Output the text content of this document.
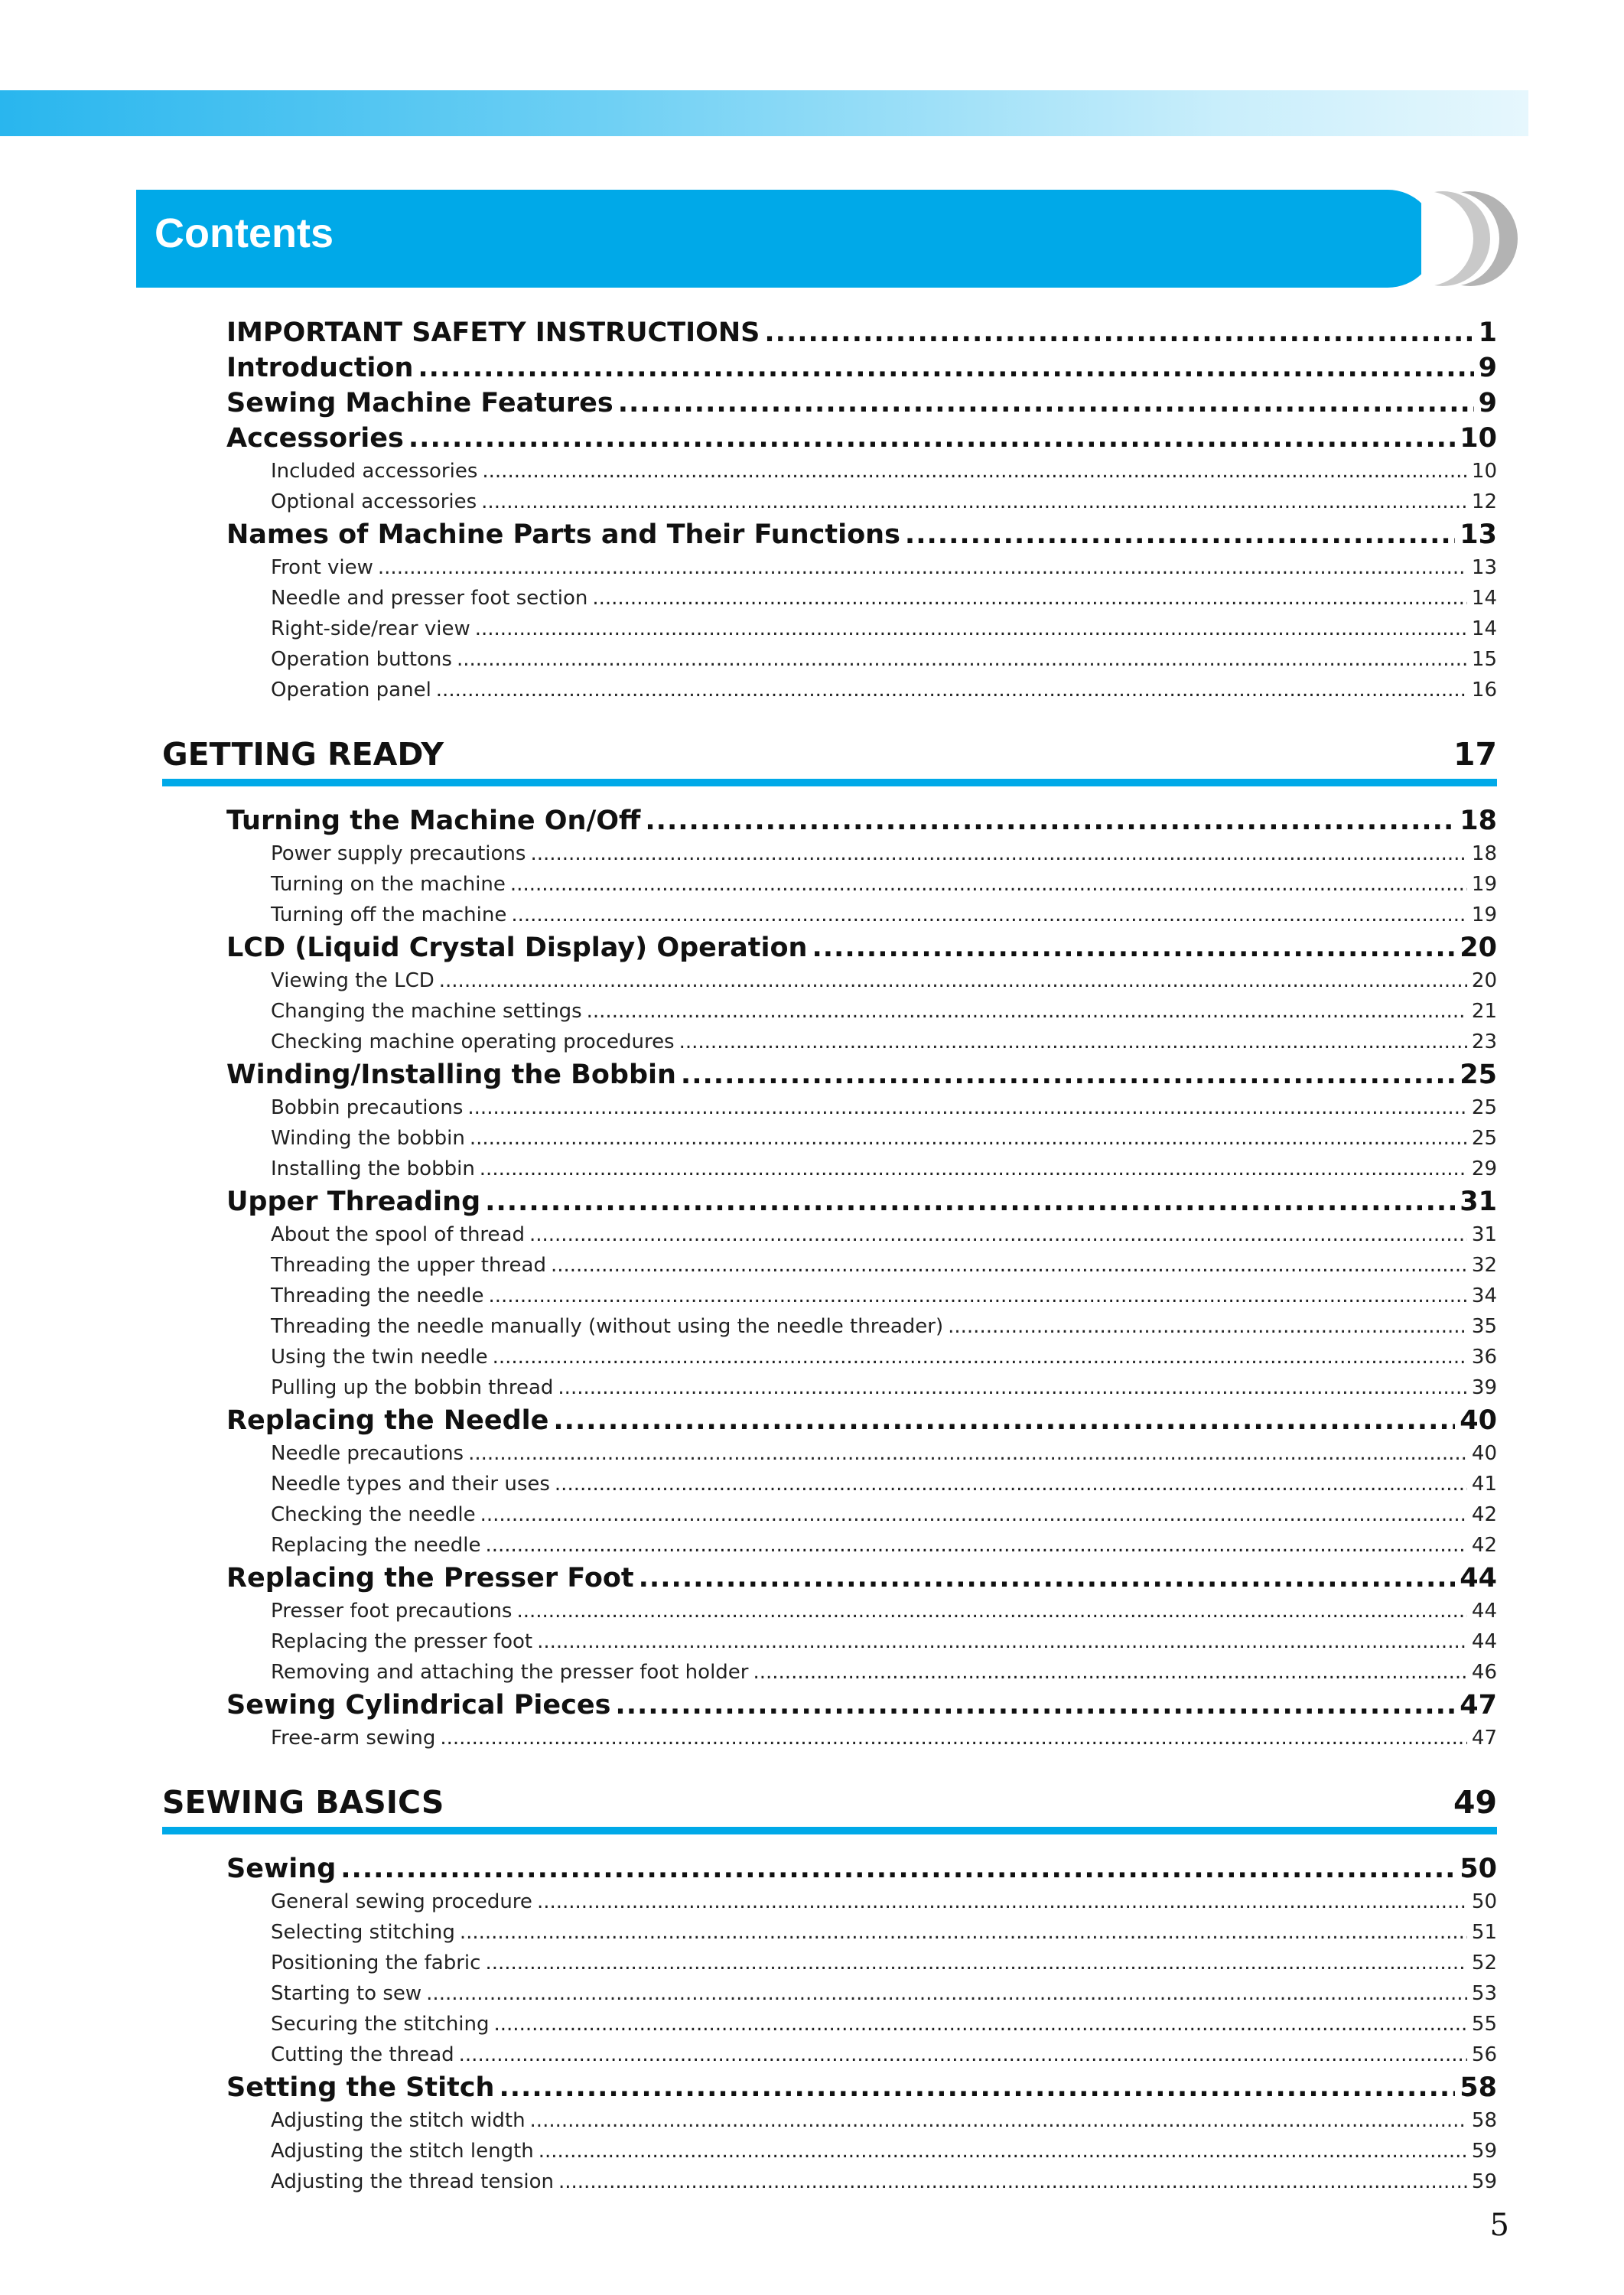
Contents
IMPORTANT SAFETY INSTRUCTIONS .....	1
Introduction .....	9
Sewing Machine Features .....	9
Accessories .....	10
Included accessories .....	10
Optional accessories .....	12
Names of Machine Parts and Their Functions .....	13
Front view .....	13
Needle and presser foot section .....	14
Right-side/rear view .....	14
Operation buttons .....	15
Operation panel .....	16
GETTING READY	17
Turning the Machine On/Off .....	18
Power supply precautions .....	18
Turning on the machine .....	19
Turning off the machine .....	19
LCD (Liquid Crystal Display) Operation .....	20
Viewing the LCD .....	20
Changing the machine settings .....	21
Checking machine operating procedures .....	23
Winding/Installing the Bobbin .....	25
Bobbin precautions .....	25
Winding the bobbin .....	25
Installing the bobbin .....	29
Upper Threading .....	31
About the spool of thread .....	31
Threading the upper thread .....	32
Threading the needle .....	34
Threading the needle manually (without using the needle threader) .....	35
Using the twin needle .....	36
Pulling up the bobbin thread .....	39
Replacing the Needle .....	40
Needle precautions .....	40
Needle types and their uses .....	41
Checking the needle .....	42
Replacing the needle .....	42
Replacing the Presser Foot .....	44
Presser foot precautions .....	44
Replacing the presser foot .....	44
Removing and attaching the presser foot holder .....	46
Sewing Cylindrical Pieces .....	47
Free-arm sewing .....	47
SEWING BASICS	49
Sewing .....	50
General sewing procedure .....	50
Selecting stitching .....	51
Positioning the fabric .....	52
Starting to sew .....	53
Securing the stitching .....	55
Cutting the thread .....	56
Setting the Stitch .....	58
Adjusting the stitch width .....	58
Adjusting the stitch length .....	59
Adjusting the thread tension .....	59
5
